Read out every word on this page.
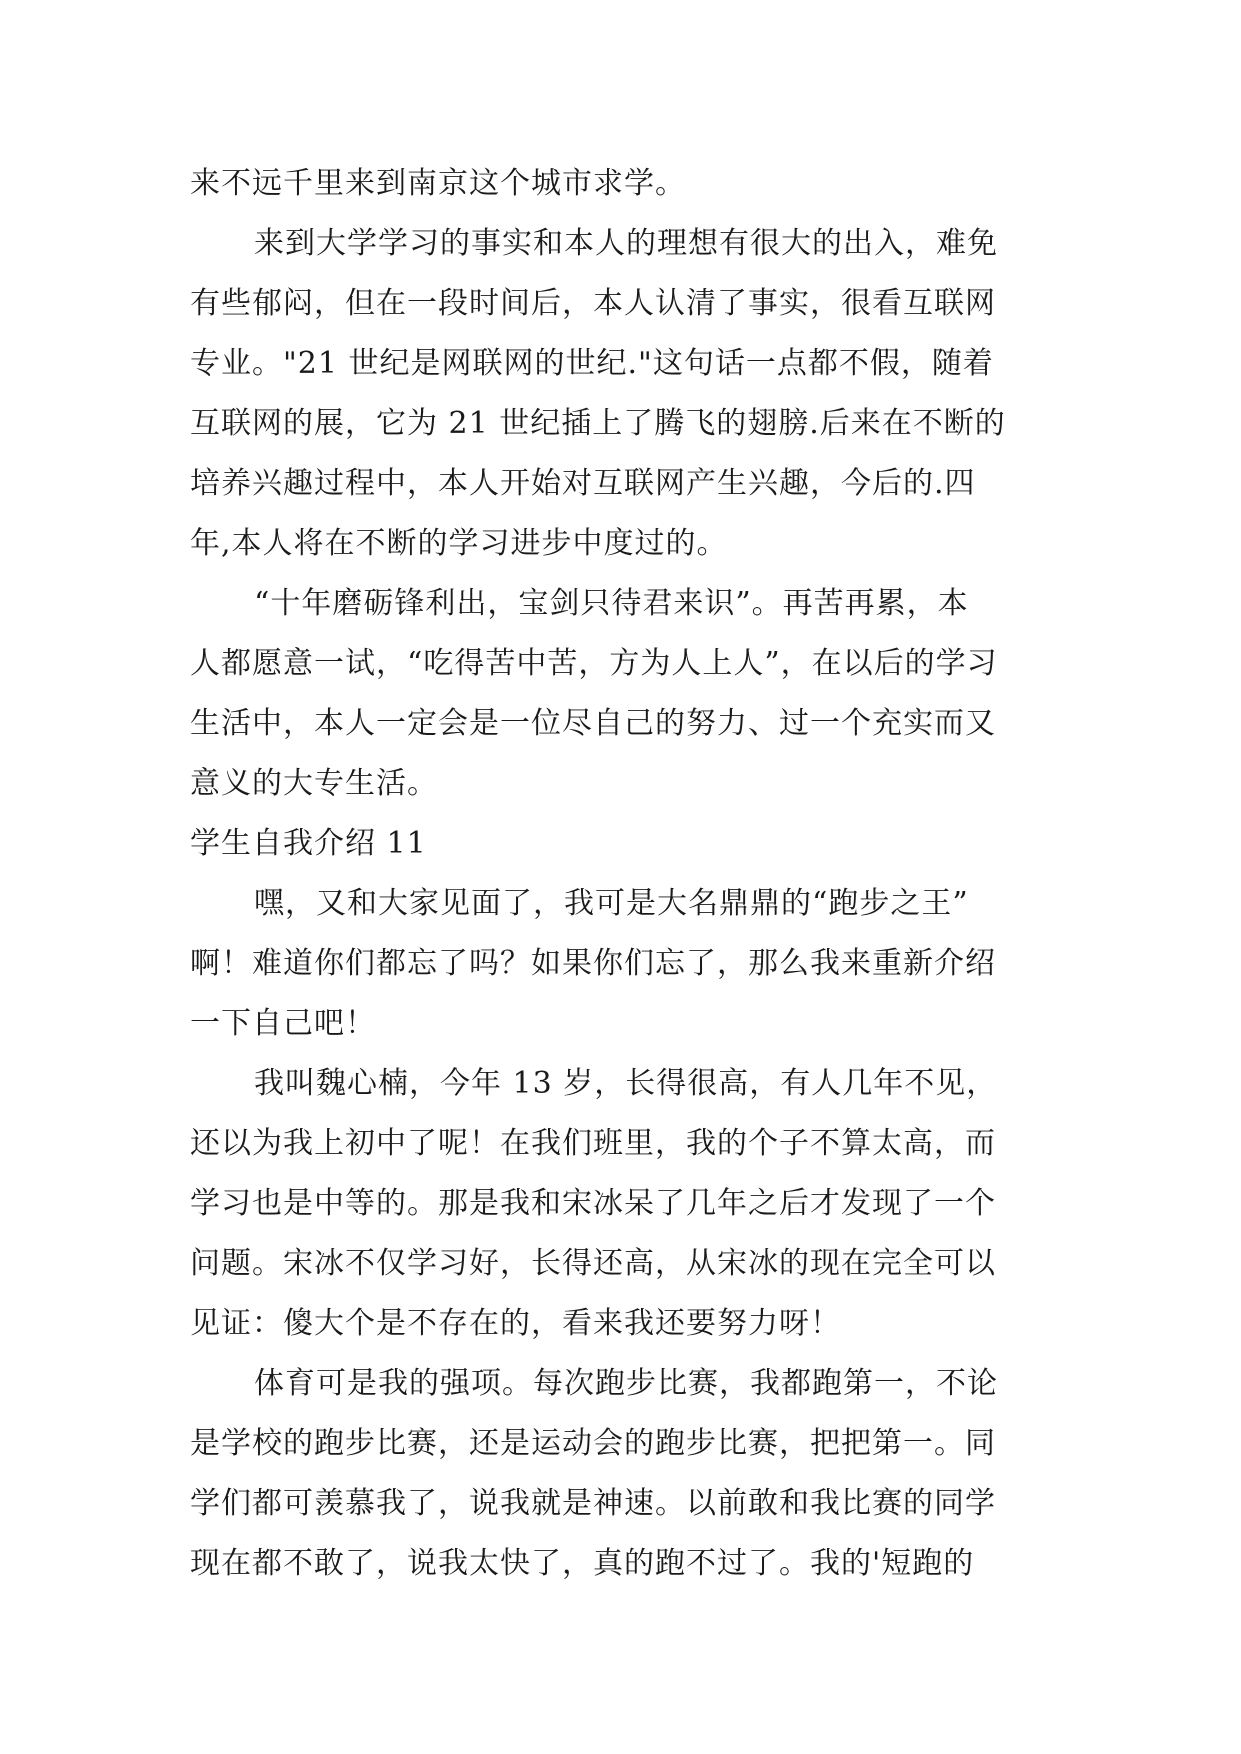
来不远千里来到南京这个城市求学。
来到大学学习的事实和本人的理想有很大的出入，难免
有些郁闷，但在一段时间后，本人认清了事实，很看互联网
专业。"21 世纪是网联网的世纪."这句话一点都不假，随着
互联网的展，它为 21 世纪插上了腾飞的翅膀.后来在不断的
培养兴趣过程中，本人开始对互联网产生兴趣，今后的.四
年,本人将在不断的学习进步中度过的。
“十年磨砺锋利出，宝剑只待君来识”。再苦再累，本
人都愿意一试，“吃得苦中苦，方为人上人”，在以后的学习
生活中，本人一定会是一位尽自己的努力、过一个充实而又
意义的大专生活。
学生自我介绍 11
嘿，又和大家见面了，我可是大名鼎鼎的“跑步之王”
啊！难道你们都忘了吗？如果你们忘了，那么我来重新介绍
一下自己吧！
我叫魏心楠，今年 13 岁，长得很高，有人几年不见，
还以为我上初中了呢！在我们班里，我的个子不算太高，而
学习也是中等的。那是我和宋冰呆了几年之后才发现了一个
问题。宋冰不仅学习好，长得还高，从宋冰的现在完全可以
见证：傻大个是不存在的，看来我还要努力呀！
体育可是我的强项。每次跑步比赛，我都跑第一，不论
是学校的跑步比赛，还是运动会的跑步比赛，把把第一。同
学们都可羡慕我了，说我就是神速。以前敢和我比赛的同学
现在都不敢了，说我太快了，真的跑不过了。我的'短跑的
